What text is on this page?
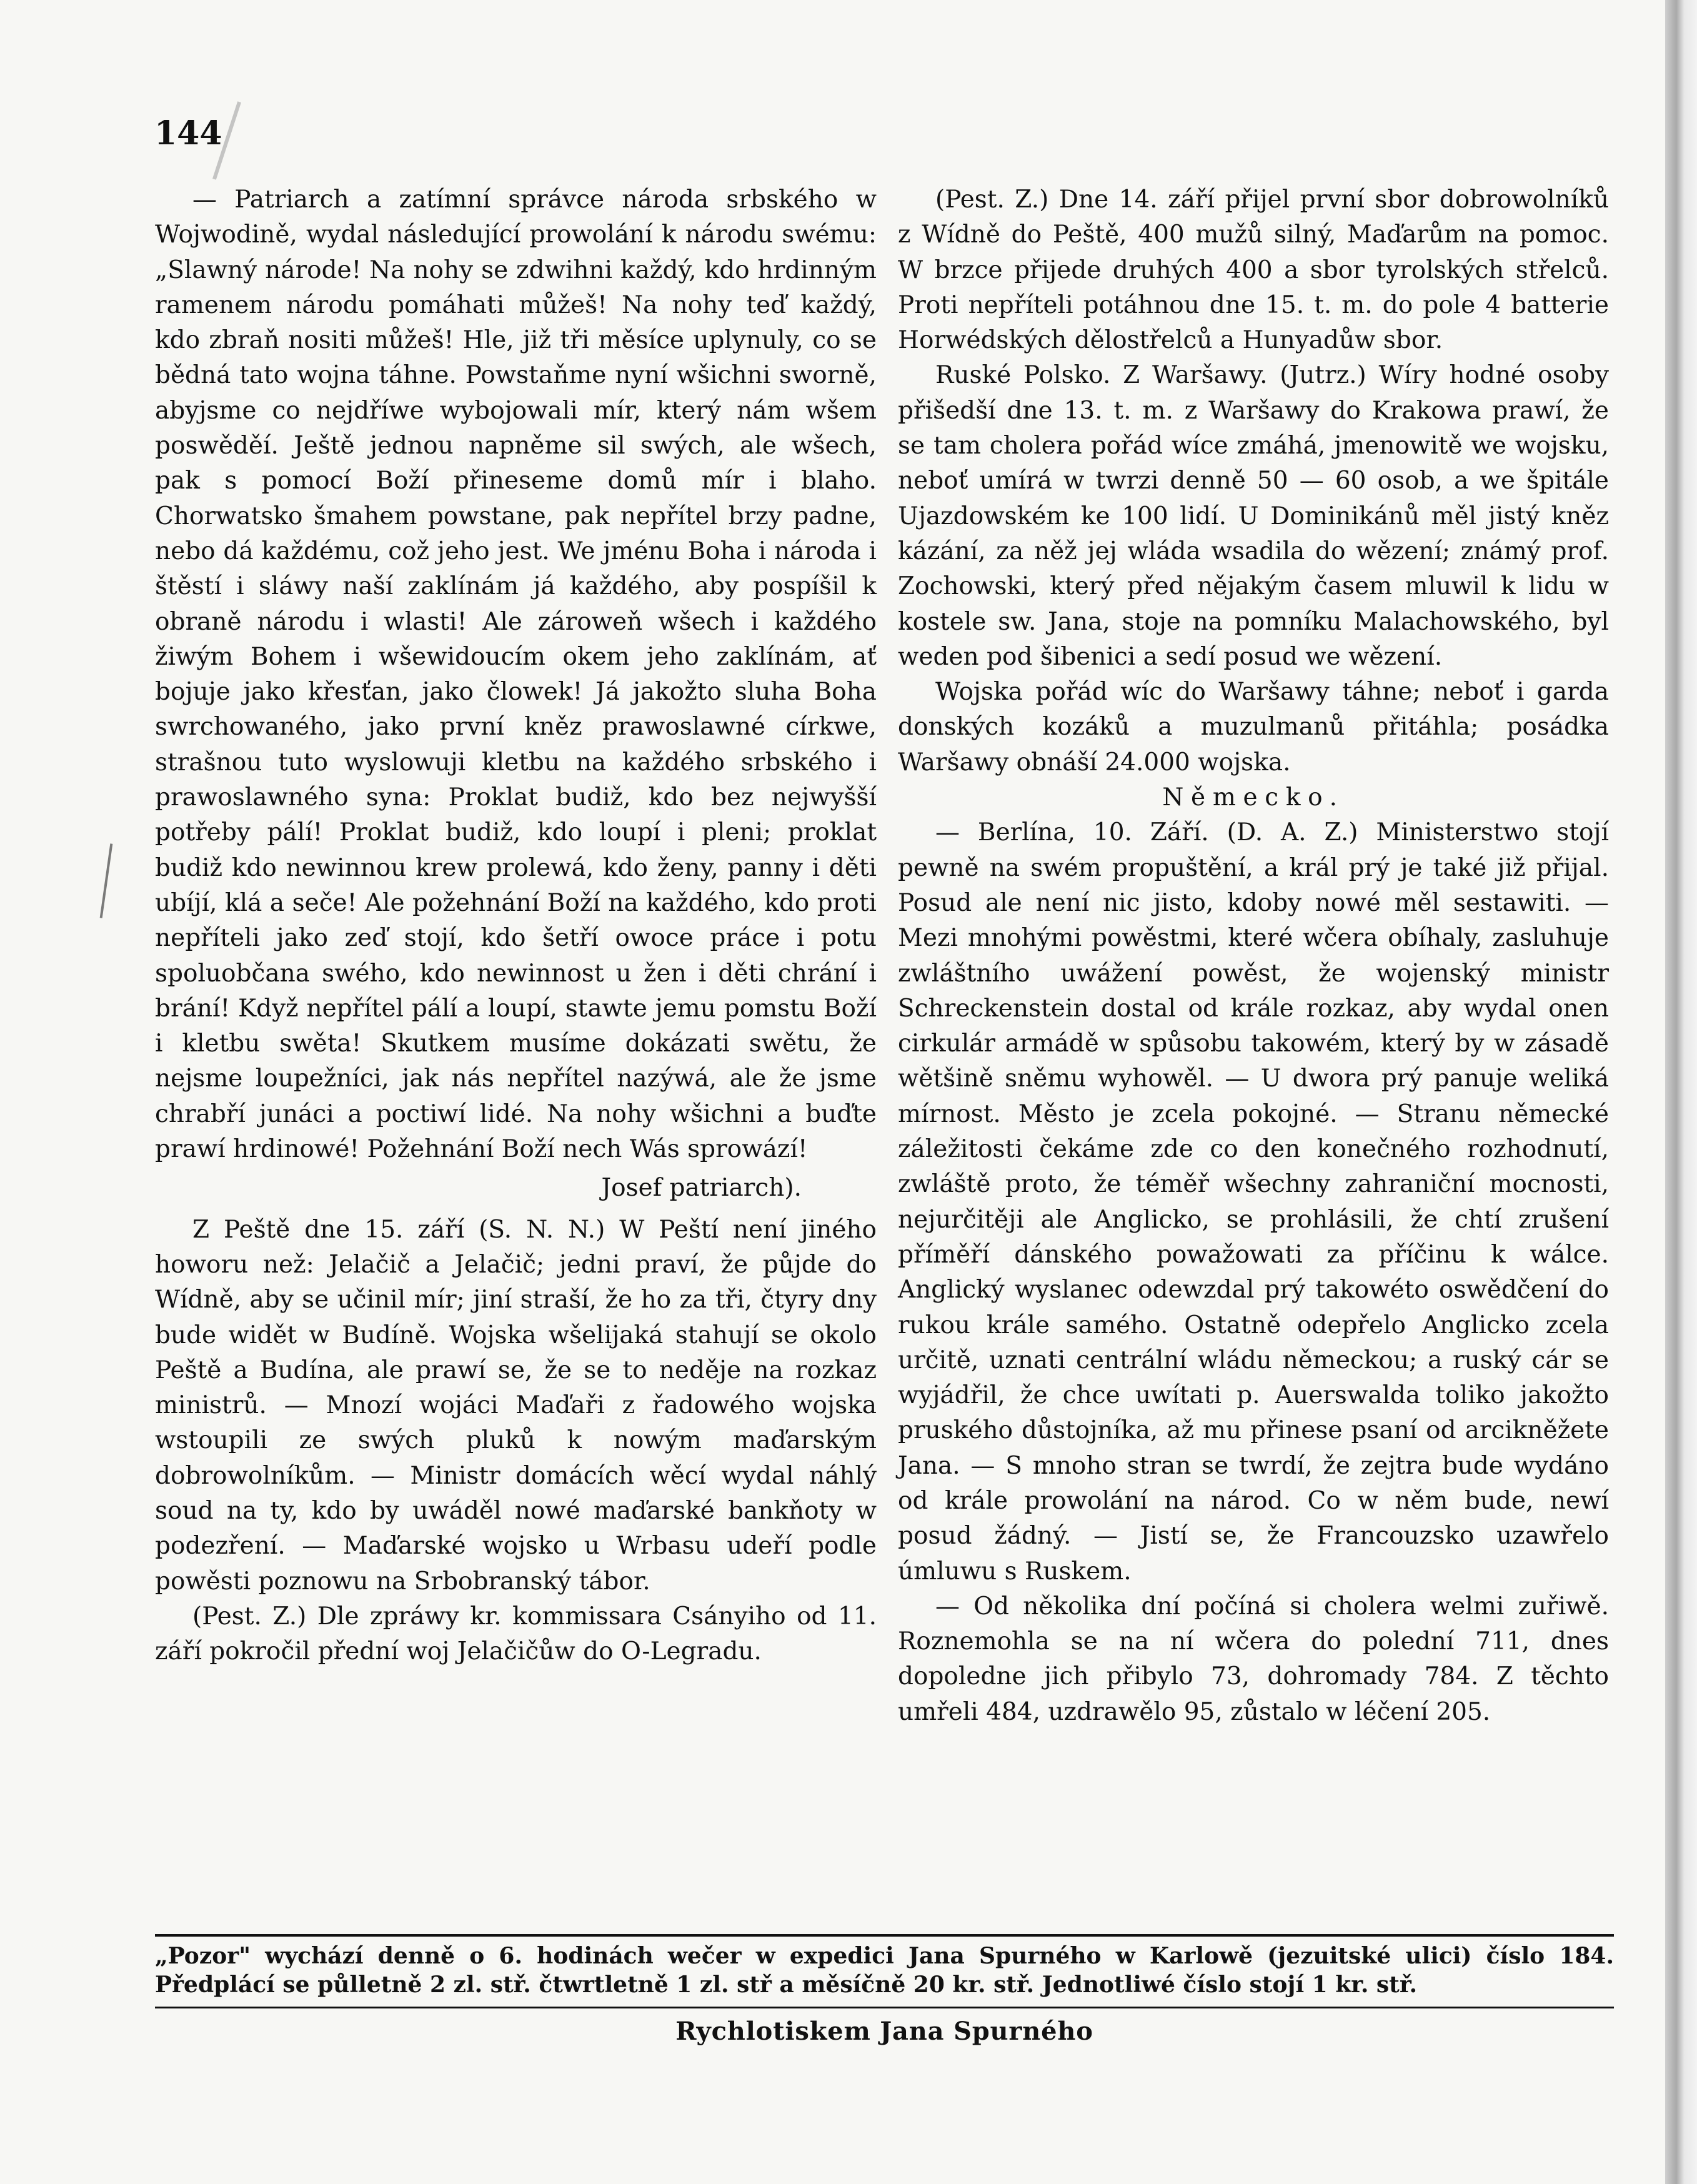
144

— Patriarch a zatímní správce národa srbského w Wojwodině, wydal následující prowolání k národu swému: „Slawný národe! Na nohy se zdwihni každý, kdo hrdinným ramenem národu pomáhati můžeš! Na nohy teď každý, kdo zbraň nositi můžeš! Hle, již tři měsíce uplynuly, co se bědná tato wojna táhne. Powstaňme nyní wšichni sworně, abyjsme co nejdříwe wybojowali mír, který nám wšem poswěděí. Ještě jednou napněme sil swých, ale wšech, pak s pomocí Boží přineseme domů mír i blaho. Chorwatsko šmahem powstane, pak nepřítel brzy padne, nebo dá každému, což jeho jest. We jménu Boha i národa i štěstí i sláwy naší zaklínám já každého, aby pospíšil k obraně národu i wlasti! Ale zároweň wšech i každého žiwým Bohem i wšewidoucím okem jeho zaklínám, ať bojuje jako křesťan, jako člowek! Já jakožto sluha Boha swrchowaného, jako první kněz prawoslawné církwe, strašnou tuto wyslowuji kletbu na každého srbského i prawoslawného syna: Proklat budiž, kdo bez nejwyšší potřeby pálí! Proklat budiž, kdo loupí i pleni; proklat budiž kdo newinnou krew prolewá, kdo ženy, panny i děti ubíjí, klá a seče! Ale požehnání Boží na každého, kdo proti nepříteli jako zeď stojí, kdo šetří owoce práce i potu spoluobčana swého, kdo newinnost u žen i děti chrání i brání! Když nepřítel pálí a loupí, stawte jemu pomstu Boží i kletbu swěta! Skutkem musíme dokázati swětu, že nejsme loupežníci, jak nás nepřítel nazýwá, ale že jsme chrabří junáci a poctiwí lidé. Na nohy wšichni a buďte prawí hrdinowé! Požehnání Boží nech Wás sprowází!

Josef patriarch).

Z Peště dne 15. září (S. N. N.) W Peští není jiného howoru než: Jelačič a Jelačič; jedni praví, že půjde do Wídně, aby se učinil mír; jiní straší, že ho za tři, čtyry dny bude widět w Budíně. Wojska wšelijaká stahují se okolo Peště a Budína, ale prawí se, že se to neděje na rozkaz ministrů. — Mnozí wojáci Maďaři z řadowého wojska wstoupili ze swých pluků k nowým maďarským dobrowolníkům. — Ministr domácích wěcí wydal náhlý soud na ty, kdo by uwáděl nowé maďarské bankňoty w podezření. — Maďarské wojsko u Wrbasu udeří podle powěsti poznowu na Srbobranský tábor.

(Pest. Z.) Dle zpráwy kr. kommissara Csányiho od 11. září pokročil přední woj Jelačičůw do O-Legradu.

(Pest. Z.) Dne 14. září přijel první sbor dobrowolníků z Wídně do Peště, 400 mužů silný, Maďarům na pomoc. W brzce přijede druhých 400 a sbor tyrolských střelců. Proti nepříteli potáhnou dne 15. t. m. do pole 4 batterie Horwédských dělostřelců a Hunyadůw sbor.

Ruské Polsko. Z Waršawy. (Jutrz.) Wíry hodné osoby přišedší dne 13. t. m. z Waršawy do Krakowa prawí, že se tam cholera pořád wíce zmáhá, jmenowitě we wojsku, neboť umírá w twrzi denně 50 — 60 osob, a we špitále Ujazdowském ke 100 lidí. U Dominikánů měl jistý kněz kázání, za něž jej wláda wsadila do wězení; známý prof. Zochowski, který před nějakým časem mluwil k lidu w kostele sw. Jana, stoje na pomníku Malachowského, byl weden pod šibenici a sedí posud we wězení.

Wojska pořád wíc do Waršawy táhne; neboť i garda donských kozáků a muzulmanů přitáhla; posádka Waršawy obnáší 24.000 wojska.

Německo.

— Berlína, 10. Září. (D. A. Z.) Ministerstwo stojí pewně na swém propuštění, a král prý je také již přijal. Posud ale není nic jisto, kdoby nowé měl sestawiti. — Mezi mnohými powěstmi, které wčera obíhaly, zasluhuje zwláštního uwážení powěst, že wojenský ministr Schreckenstein dostal od krále rozkaz, aby wydal onen cirkulár armádě w spůsobu takowém, který by w zásadě wětšině sněmu wyhowěl. — U dwora prý panuje weliká mírnost. Město je zcela pokojné. — Stranu německé záležitosti čekáme zde co den konečného rozhodnutí, zwláště proto, že téměř wšechny zahraniční mocnosti, nejurčitěji ale Anglicko, se prohlásili, že chtí zrušení příměří dánského powažowati za příčinu k wálce. Anglický wyslanec odewzdal prý takowéto oswědčení do rukou krále samého. Ostatně odepřelo Anglicko zcela určitě, uznati centrální wládu německou; a ruský cár se wyjádřil, že chce uwítati p. Auerswalda toliko jakožto pruského důstojníka, až mu přinese psaní od arcikněžete Jana. — S mnoho stran se twrdí, že zejtra bude wydáno od krále prowolání na národ. Co w něm bude, newí posud žádný. — Jistí se, že Francouzsko uzawřelo úmluwu s Ruskem.

— Od několika dní počíná si cholera welmi zuřiwě. Roznemohla se na ní wčera do polední 711, dnes dopoledne jich přibylo 73, dohromady 784. Z těchto umřeli 484, uzdrawělo 95, zůstalo w léčení 205.

„Pozor" wychází denně o 6. hodinách wečer w expedici Jana Spurného w Karlowě (jezuitské ulici) číslo 184. Předplácí se půlletně 2 zl. stř. čtwrtletně 1 zl. stř a měsíčně 20 kr. stř. Jednotliwé číslo stojí 1 kr. stř.
Rychlotiskem Jana Spurného
